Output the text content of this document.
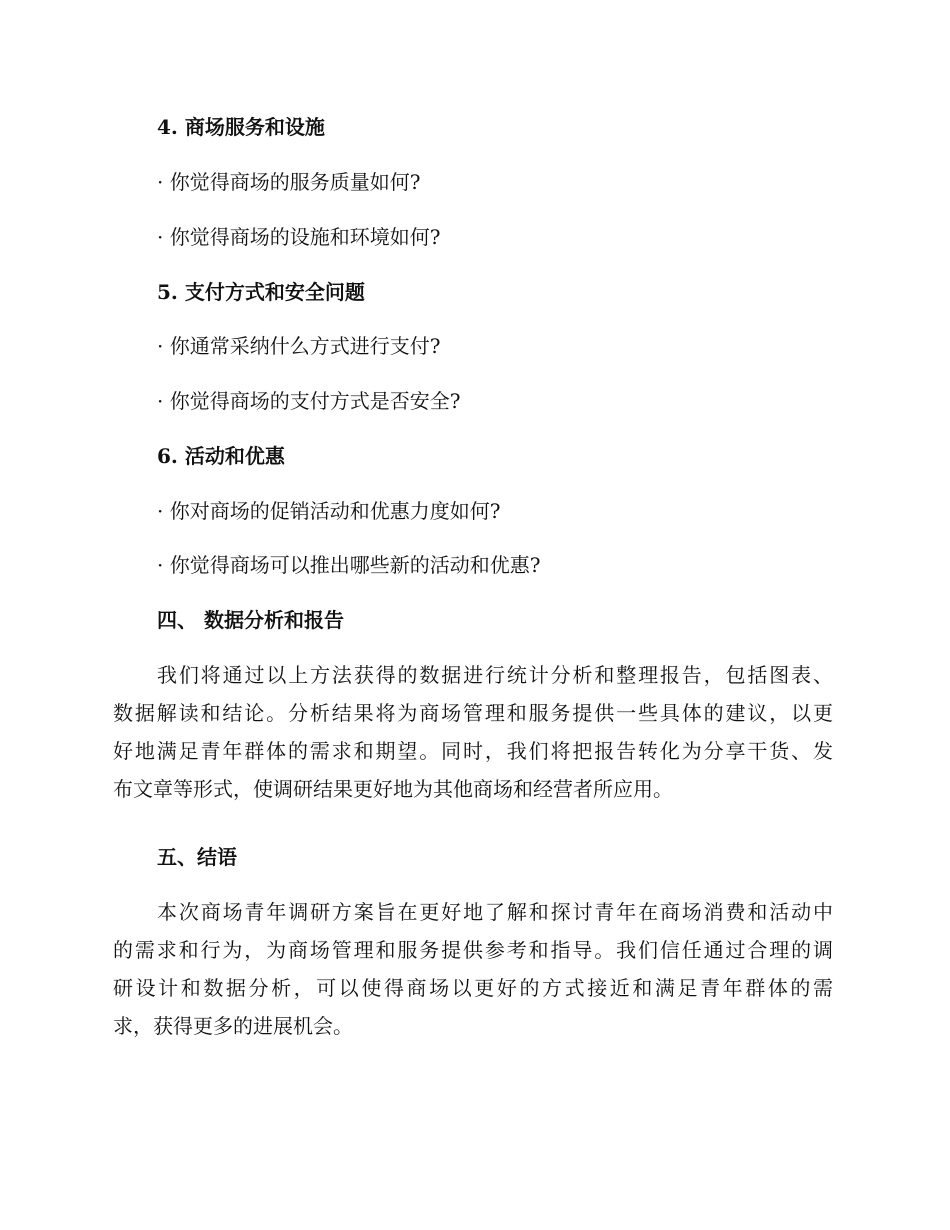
4. 商场服务和设施
· 你觉得商场的服务质量如何?
· 你觉得商场的设施和环境如何?
5. 支付方式和安全问题
· 你通常采纳什么方式进行支付?
· 你觉得商场的支付方式是否安全?
6. 活动和优惠
· 你对商场的促销活动和优惠力度如何?
· 你觉得商场可以推出哪些新的活动和优惠?
四、 数据分析和报告
我们将通过以上方法获得的数据进行统计分析和整理报告，包括图表、
数据解读和结论。分析结果将为商场管理和服务提供一些具体的建议，以更
好地满足青年群体的需求和期望。同时，我们将把报告转化为分享干货、发
布文章等形式，使调研结果更好地为其他商场和经营者所应用。
五、结语
本次商场青年调研方案旨在更好地了解和探讨青年在商场消费和活动中
的需求和行为，为商场管理和服务提供参考和指导。我们信任通过合理的调
研设计和数据分析，可以使得商场以更好的方式接近和满足青年群体的需
求，获得更多的进展机会。
